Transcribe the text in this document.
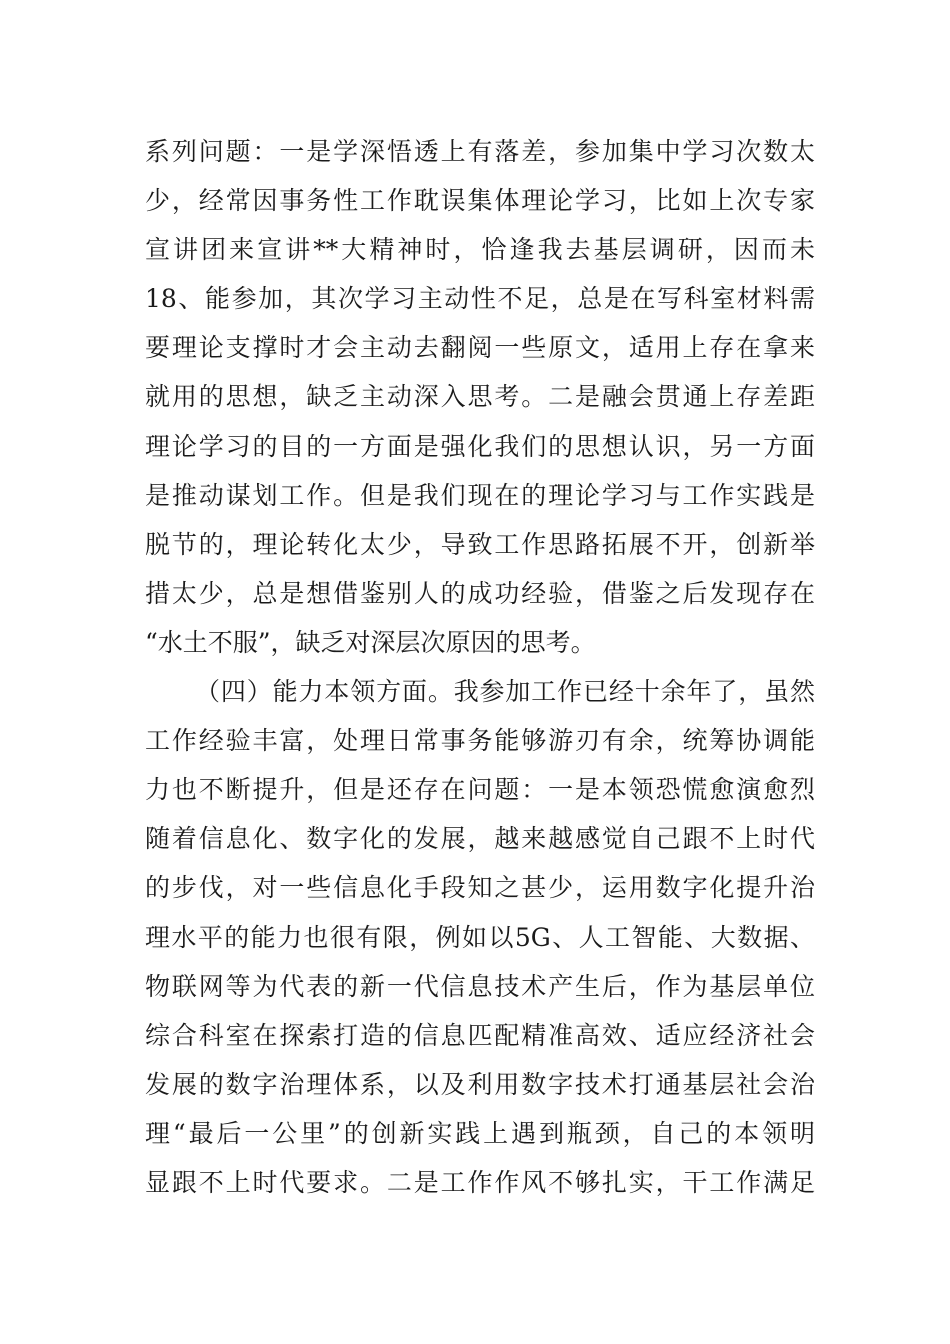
系列问题：一是学深悟透上有落差，参加集中学习次数太
少，经常因事务性工作耽误集体理论学习，比如上次专家
宣讲团来宣讲**大精神时，恰逢我去基层调研，因而未
18、能参加，其次学习主动性不足，总是在写科室材料需
要理论支撑时才会主动去翻阅一些原文，适用上存在拿来
就用的思想，缺乏主动深入思考。二是融会贯通上存差距
理论学习的目的一方面是强化我们的思想认识，另一方面
是推动谋划工作。但是我们现在的理论学习与工作实践是
脱节的，理论转化太少，导致工作思路拓展不开，创新举
措太少，总是想借鉴别人的成功经验，借鉴之后发现存在
“水土不服”，缺乏对深层次原因的思考。
（四）能力本领方面。我参加工作已经十余年了，虽然
工作经验丰富，处理日常事务能够游刃有余，统筹协调能
力也不断提升，但是还存在问题：一是本领恐慌愈演愈烈
随着信息化、数字化的发展，越来越感觉自己跟不上时代
的步伐，对一些信息化手段知之甚少，运用数字化提升治
理水平的能力也很有限，例如以5G、人工智能、大数据、
物联网等为代表的新一代信息技术产生后，作为基层单位
综合科室在探索打造的信息匹配精准高效、适应经济社会
发展的数字治理体系，以及利用数字技术打通基层社会治
理“最后一公里”的创新实践上遇到瓶颈，自己的本领明
显跟不上时代要求。二是工作作风不够扎实，干工作满足
